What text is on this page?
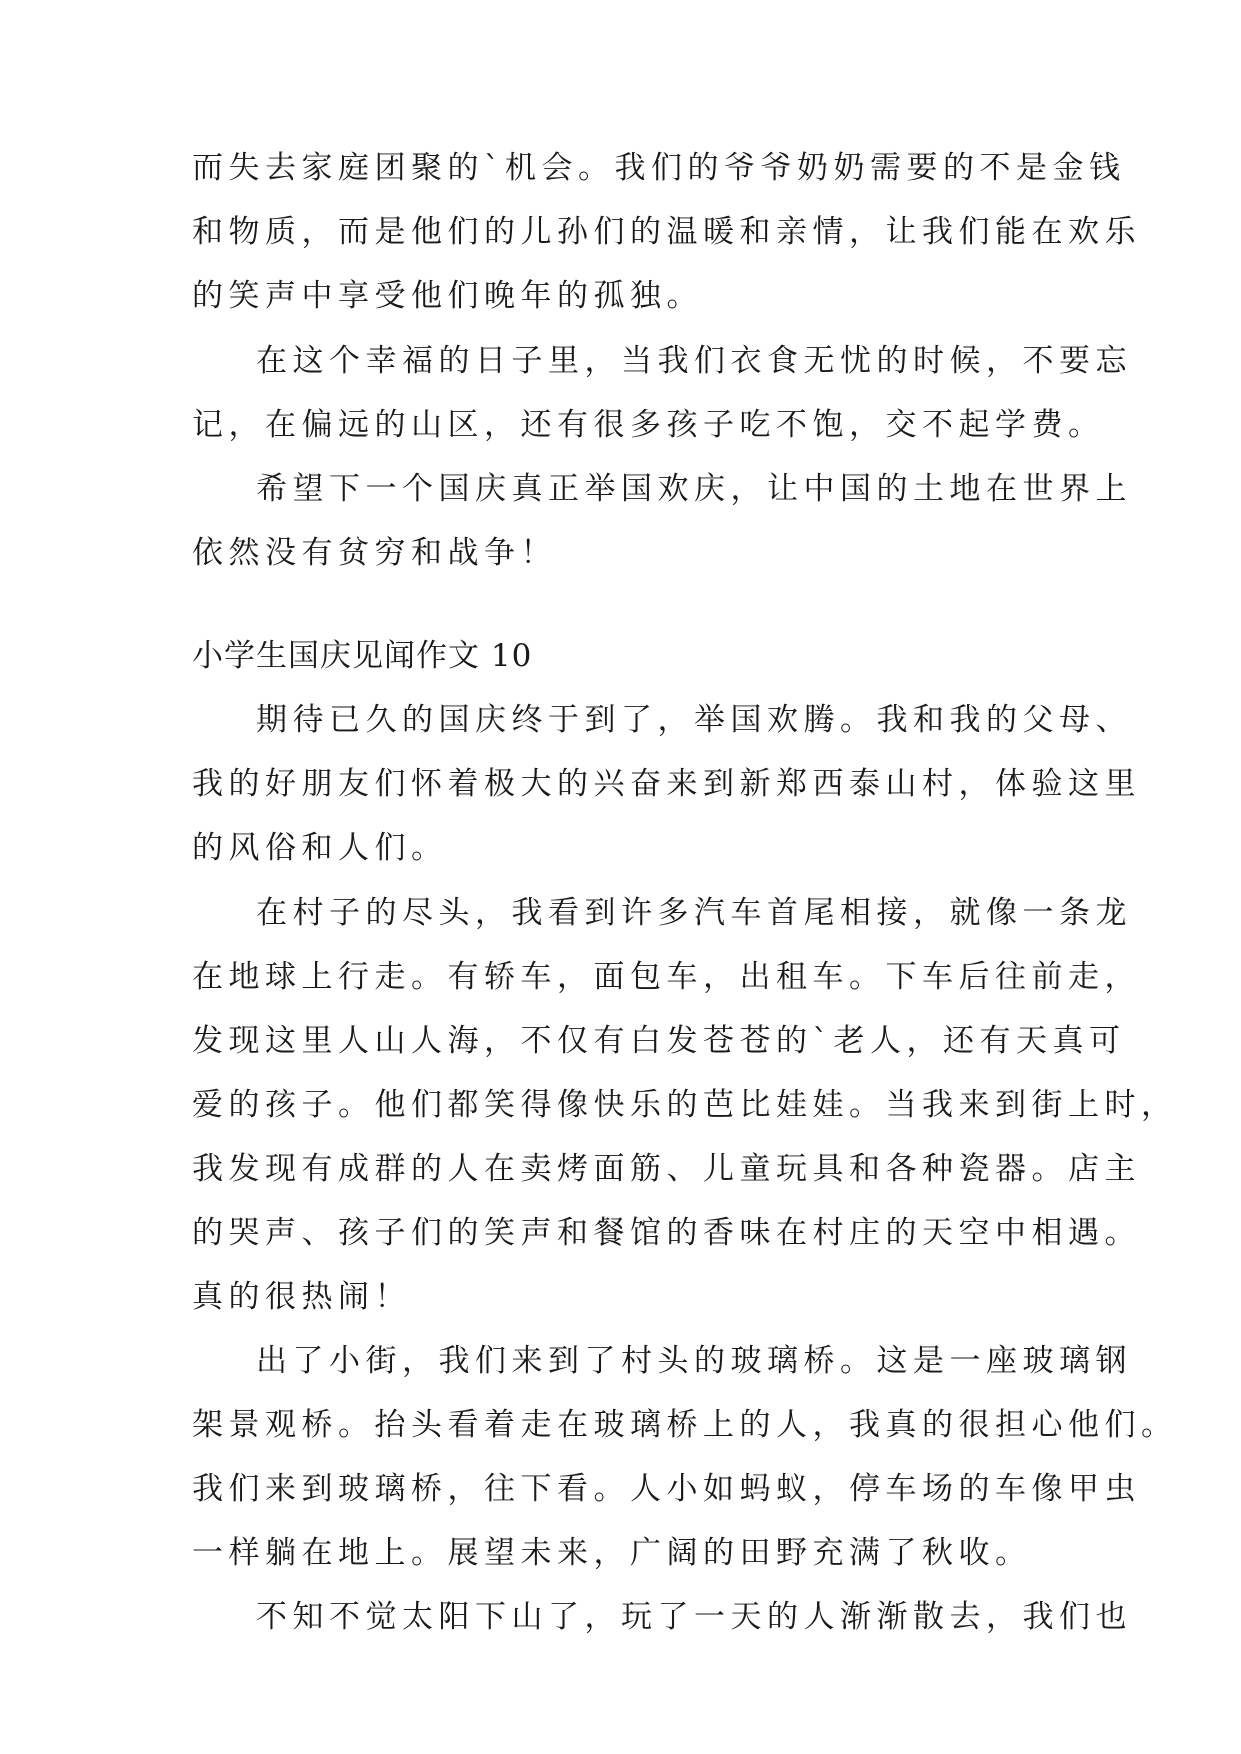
而失去家庭团聚的`机会。我们的爷爷奶奶需要的不是金钱
和物质，而是他们的儿孙们的温暖和亲情，让我们能在欢乐
的笑声中享受他们晚年的孤独。
在这个幸福的日子里，当我们衣食无忧的时候，不要忘
记，在偏远的山区，还有很多孩子吃不饱，交不起学费。
希望下一个国庆真正举国欢庆，让中国的土地在世界上
依然没有贫穷和战争！
小学生国庆见闻作文 10
期待已久的国庆终于到了，举国欢腾。我和我的父母、
我的好朋友们怀着极大的兴奋来到新郑西泰山村，体验这里
的风俗和人们。
在村子的尽头，我看到许多汽车首尾相接，就像一条龙
在地球上行走。有轿车，面包车，出租车。下车后往前走，
发现这里人山人海，不仅有白发苍苍的`老人，还有天真可
爱的孩子。他们都笑得像快乐的芭比娃娃。当我来到街上时，
我发现有成群的人在卖烤面筋、儿童玩具和各种瓷器。店主
的哭声、孩子们的笑声和餐馆的香味在村庄的天空中相遇。
真的很热闹！
出了小街，我们来到了村头的玻璃桥。这是一座玻璃钢
架景观桥。抬头看着走在玻璃桥上的人，我真的很担心他们。
我们来到玻璃桥，往下看。人小如蚂蚁，停车场的车像甲虫
一样躺在地上。展望未来，广阔的田野充满了秋收。
不知不觉太阳下山了，玩了一天的人渐渐散去，我们也
